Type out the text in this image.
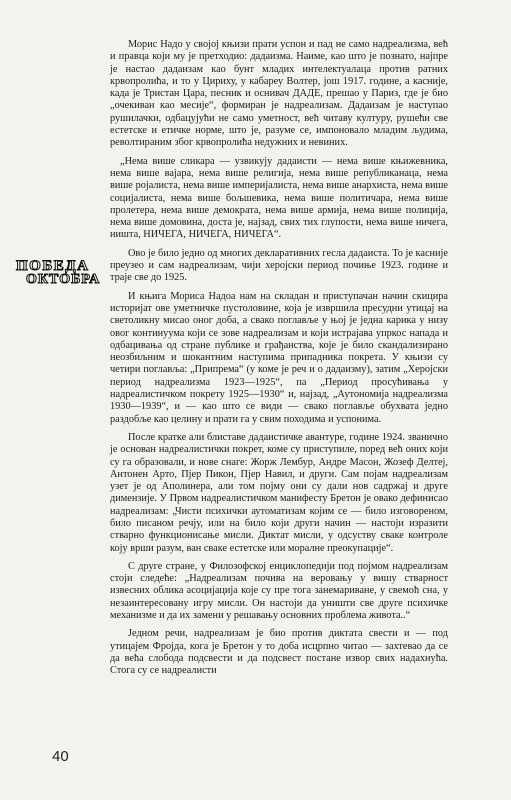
ПОБЕДА
ОКТОБРА

Морис Надо у својој књизи прати успон и пад не само надреализма, већ и правца који му је претходио: дадаизма. Наиме, као што је познато, најпре је настао дадаизам као бунт младих интелектуалаца против ратних крвопролића, и то у Цириху, у кабареу Волтер, још 1917. године, а касније, када је Тристан Цара, песник и оснивач ДАДЕ, прешао у Париз, где је био „очекиван као месије“, формиран је надреализам. Дадаизам је наступао рушилачки, одбацујући не само уметност, већ читаву културу, рушећи све естетске и етичке норме, што је, разуме се, импоновало младим људима, револтираним због крвопролића недужних и невиних.

„Нема више сликара — узвикују дадаисти — нема више књижевника, нема више вајара, нема више религија, нема више републиканаца, нема више ројалиста, нема више империјалиста, нема више анархиста, нема више социјалиста, нема више бољшевика, нема више политичара, нема више пролетера, нема више демократа, нема више армија, нема више полиција, нема више домовина, доста је, најзад, свих тих глупости, нема више ничега, ништа, НИЧЕГА, НИЧЕГА, НИЧЕГА“.

Ово је било једно од многих декларативних гесла дадаиста. То је касније преузео и сам надреализам, чији херојски период почиње 1923. године и траје све до 1925.

И књига Мориса Надоа нам на складан и приступачан начин скицира историјат ове уметничке пустоловине, која је извршила пресудни утицај на светоликну мисао оног доба, а свако поглавље у њој је једна карика у низу овог континуума који се зове надреализам и који истрајава упркос напада и одбацивања од стране публике и грађанства, које је било скандализирано неозбиљним и шокантним наступима припадника покрета. У књизи су четири поглавља: „Припрема“ (у коме је реч и о дадаизму), затим „Херојски период надреализма 1923—1925“, па „Период просућивања у надреалистичком покрету 1925—1930“ и, најзад, „Аутономија надреализма 1930—1939“, и — као што се види — свако поглавље обухвата једно раздобље као целину и прати га у свим походима и успонима.

После кратке али блиставе дадаистичке авантуре, године 1924. званично је основан надреалистички покрет, коме су приступиле, поред већ оних који су га образовали, и нове снаге: Жорж Лембур, Андре Масон, Жозеф Делтеј, Антонен Арто, Пјер Пикон, Пјер Навил, и други. Сам појам надреализам узет је од Аполинера, али том појму они су дали нов садржај и друге димензије. У Првом надреалистичком манифесту Бретон је овако дефинисао надреализам: „Чисти психички аутоматизам којим се — било изговореном, било писаном речју, или на било који други начин — настоји изразити стварно функционисање мисли. Диктат мисли, у одсуству сваке контроле коју врши разум, ван сваке естетске или моралне преокупације“.

С друге стране, у Филозофској енциклопедији под појмом надреализам стоји следеће: „Надреализам почива на веровању у вишу стварност извесних облика асоцијација које су пре тога занемариване, у свемоћ сна, у незаинтересовану игру мисли. Он настоји да уништи све друге психичке механизме и да их замени у решавању основних проблема живота..“

Једном речи, надреализам је био против диктата свести и — под утицајем Фројда, кога је Бретон у то доба исцрпно читао — захтевао да се да већа слобода подсвести и да подсвест постане извор свих надахнућа. Стога су се надреалисти

40
